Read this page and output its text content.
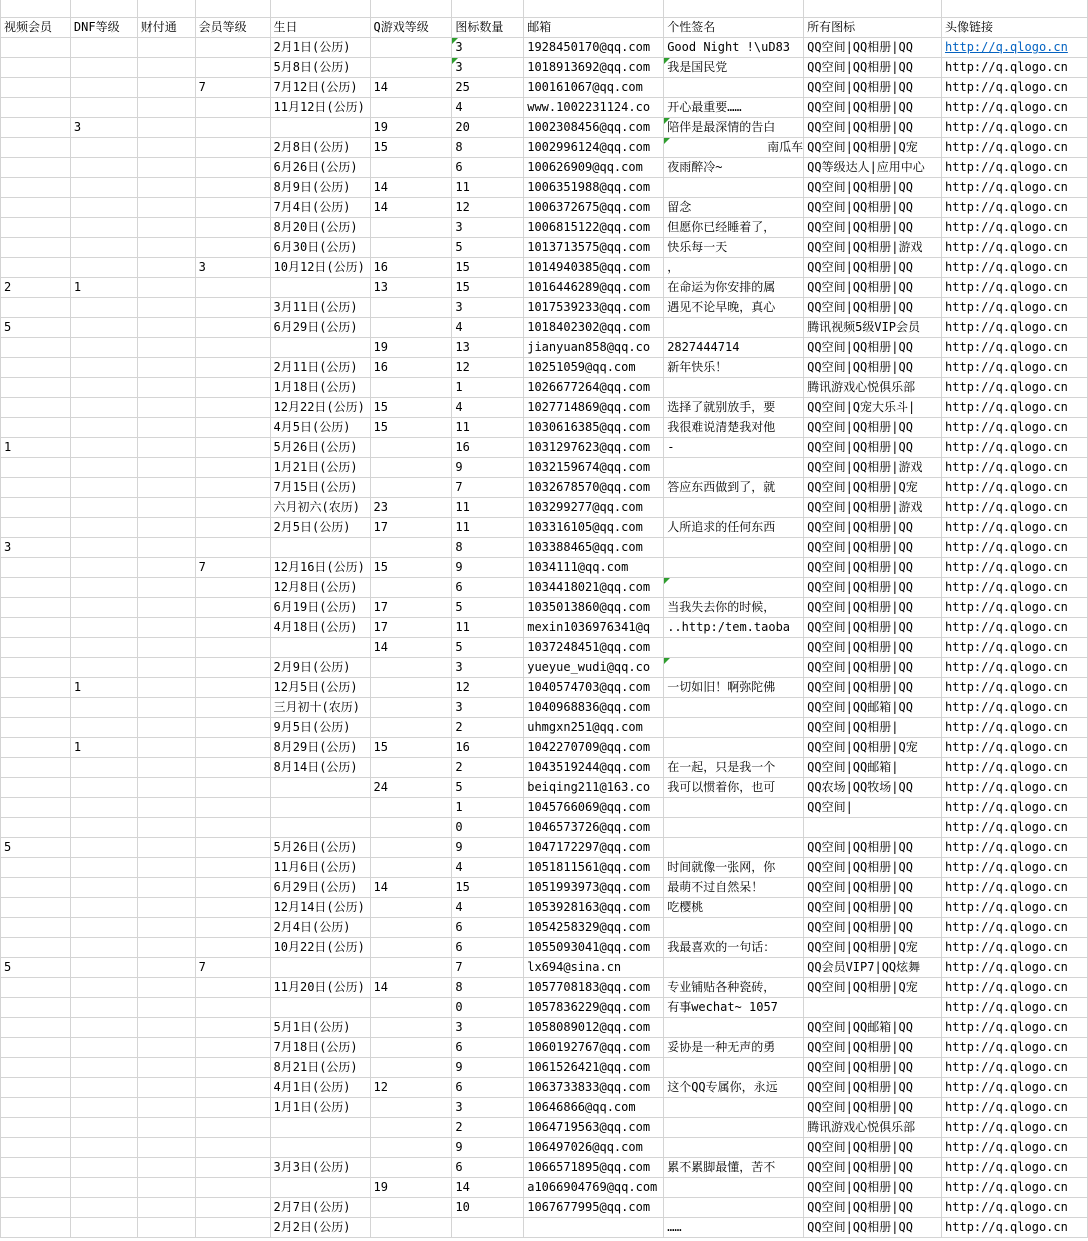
视频会员	DNF等级	财付通	会员等级	生日	Q游戏等级	图标数量	邮箱	个性签名	所有图标	头像链接
				2月1日(公历)		3	1928450170@qq.com	Good Night !\uD83	QQ空间|QQ相册|QQ	http://q.qlogo.cn
				5月8日(公历)		3	1018913692@qq.com	我是国民党	QQ空间|QQ相册|QQ	http://q.qlogo.cn
			7	7月12日(公历)	14	25	100161067@qq.com		QQ空间|QQ相册|QQ	http://q.qlogo.cn
				11月12日(公历)		4	www.1002231124.co	开心最重要……	QQ空间|QQ相册|QQ	http://q.qlogo.cn
	3				19	20	1002308456@qq.com	陪伴是最深情的告白	QQ空间|QQ相册|QQ	http://q.qlogo.cn
				2月8日(公历)	15	8	1002996124@qq.com	南瓜车	QQ空间|QQ相册|Q宠	http://q.qlogo.cn
				6月26日(公历)		6	100626909@qq.com	夜雨醉冷~	QQ等级达人|应用中心	http://q.qlogo.cn
				8月9日(公历)	14	11	1006351988@qq.com		QQ空间|QQ相册|QQ	http://q.qlogo.cn
				7月4日(公历)	14	12	1006372675@qq.com	留念	QQ空间|QQ相册|QQ	http://q.qlogo.cn
				8月20日(公历)		3	1006815122@qq.com	但愿你已经睡着了，	QQ空间|QQ相册|QQ	http://q.qlogo.cn
				6月30日(公历)		5	1013713575@qq.com	快乐每一天	QQ空间|QQ相册|游戏	http://q.qlogo.cn
			3	10月12日(公历)	16	15	1014940385@qq.com	，	QQ空间|QQ相册|QQ	http://q.qlogo.cn
2	1				13	15	1016446289@qq.com	在命运为你安排的属	QQ空间|QQ相册|QQ	http://q.qlogo.cn
				3月11日(公历)		3	1017539233@qq.com	遇见不论早晚，真心	QQ空间|QQ相册|QQ	http://q.qlogo.cn
5				6月29日(公历)		4	1018402302@qq.com		腾讯视频5级VIP会员	http://q.qlogo.cn
					19	13	jianyuan858@qq.co	2827444714	QQ空间|QQ相册|QQ	http://q.qlogo.cn
				2月11日(公历)	16	12	10251059@qq.com	新年快乐！	QQ空间|QQ相册|QQ	http://q.qlogo.cn
				1月18日(公历)		1	1026677264@qq.com		腾讯游戏心悦俱乐部	http://q.qlogo.cn
				12月22日(公历)	15	4	1027714869@qq.com	选择了就别放手，要	QQ空间|Q宠大乐斗|	http://q.qlogo.cn
				4月5日(公历)	15	11	1030616385@qq.com	我很难说清楚我对他	QQ空间|QQ相册|QQ	http://q.qlogo.cn
1				5月26日(公历)		16	1031297623@qq.com	-	QQ空间|QQ相册|QQ	http://q.qlogo.cn
				1月21日(公历)		9	1032159674@qq.com		QQ空间|QQ相册|游戏	http://q.qlogo.cn
				7月15日(公历)		7	1032678570@qq.com	答应东西做到了，就	QQ空间|QQ相册|Q宠	http://q.qlogo.cn
				六月初六(农历)	23	11	103299277@qq.com		QQ空间|QQ相册|游戏	http://q.qlogo.cn
				2月5日(公历)	17	11	103316105@qq.com	人所追求的任何东西	QQ空间|QQ相册|QQ	http://q.qlogo.cn
3						8	103388465@qq.com		QQ空间|QQ相册|QQ	http://q.qlogo.cn
			7	12月16日(公历)	15	9	1034111@qq.com		QQ空间|QQ相册|QQ	http://q.qlogo.cn
				12月8日(公历)		6	1034418021@qq.com		QQ空间|QQ相册|QQ	http://q.qlogo.cn
				6月19日(公历)	17	5	1035013860@qq.com	当我失去你的时候，	QQ空间|QQ相册|QQ	http://q.qlogo.cn
				4月18日(公历)	17	11	mexin1036976341@q	..http:/tem.taoba	QQ空间|QQ相册|QQ	http://q.qlogo.cn
					14	5	1037248451@qq.com		QQ空间|QQ相册|QQ	http://q.qlogo.cn
				2月9日(公历)		3	yueyue_wudi@qq.co		QQ空间|QQ相册|QQ	http://q.qlogo.cn
	1			12月5日(公历)		12	1040574703@qq.com	一切如旧！啊弥陀佛	QQ空间|QQ相册|QQ	http://q.qlogo.cn
				三月初十(农历)		3	1040968836@qq.com		QQ空间|QQ邮箱|QQ	http://q.qlogo.cn
				9月5日(公历)		2	uhmgxn251@qq.com		QQ空间|QQ相册|	http://q.qlogo.cn
	1			8月29日(公历)	15	16	1042270709@qq.com		QQ空间|QQ相册|Q宠	http://q.qlogo.cn
				8月14日(公历)		2	1043519244@qq.com	在一起，只是我一个	QQ空间|QQ邮箱|	http://q.qlogo.cn
					24	5	beiqing211@163.co	我可以惯着你，也可	QQ农场|QQ牧场|QQ	http://q.qlogo.cn
						1	1045766069@qq.com		QQ空间|	http://q.qlogo.cn
						0	1046573726@qq.com			http://q.qlogo.cn
5				5月26日(公历)		9	1047172297@qq.com		QQ空间|QQ相册|QQ	http://q.qlogo.cn
				11月6日(公历)		4	1051811561@qq.com	时间就像一张网，你	QQ空间|QQ相册|QQ	http://q.qlogo.cn
				6月29日(公历)	14	15	1051993973@qq.com	最萌不过自然呆！	QQ空间|QQ相册|QQ	http://q.qlogo.cn
				12月14日(公历)		4	1053928163@qq.com	吃樱桃	QQ空间|QQ相册|QQ	http://q.qlogo.cn
				2月4日(公历)		6	1054258329@qq.com		QQ空间|QQ相册|QQ	http://q.qlogo.cn
				10月22日(公历)		6	1055093041@qq.com	我最喜欢的一句话：	QQ空间|QQ相册|Q宠	http://q.qlogo.cn
5			7			7	lx694@sina.cn		QQ会员VIP7|QQ炫舞	http://q.qlogo.cn
				11月20日(公历)	14	8	1057708183@qq.com	专业铺贴各种瓷砖，	QQ空间|QQ相册|Q宠	http://q.qlogo.cn
						0	1057836229@qq.com	有事wechat~ 1057		http://q.qlogo.cn
				5月1日(公历)		3	1058089012@qq.com		QQ空间|QQ邮箱|QQ	http://q.qlogo.cn
				7月18日(公历)		6	1060192767@qq.com	妥协是一种无声的勇	QQ空间|QQ相册|QQ	http://q.qlogo.cn
				8月21日(公历)		9	1061526421@qq.com		QQ空间|QQ相册|QQ	http://q.qlogo.cn
				4月1日(公历)	12	6	1063733833@qq.com	这个QQ专属你，永远	QQ空间|QQ相册|QQ	http://q.qlogo.cn
				1月1日(公历)		3	10646866@qq.com		QQ空间|QQ相册|QQ	http://q.qlogo.cn
						2	1064719563@qq.com		腾讯游戏心悦俱乐部	http://q.qlogo.cn
						9	106497026@qq.com		QQ空间|QQ相册|QQ	http://q.qlogo.cn
				3月3日(公历)		6	1066571895@qq.com	累不累脚最懂，苦不	QQ空间|QQ相册|QQ	http://q.qlogo.cn
					19	14	a1066904769@qq.com		QQ空间|QQ相册|QQ	http://q.qlogo.cn
				2月7日(公历)		10	1067677995@qq.com		QQ空间|QQ相册|QQ	http://q.qlogo.cn
				2月2日(公历)				……	QQ空间|QQ相册|QQ	http://q.qlogo.cn
